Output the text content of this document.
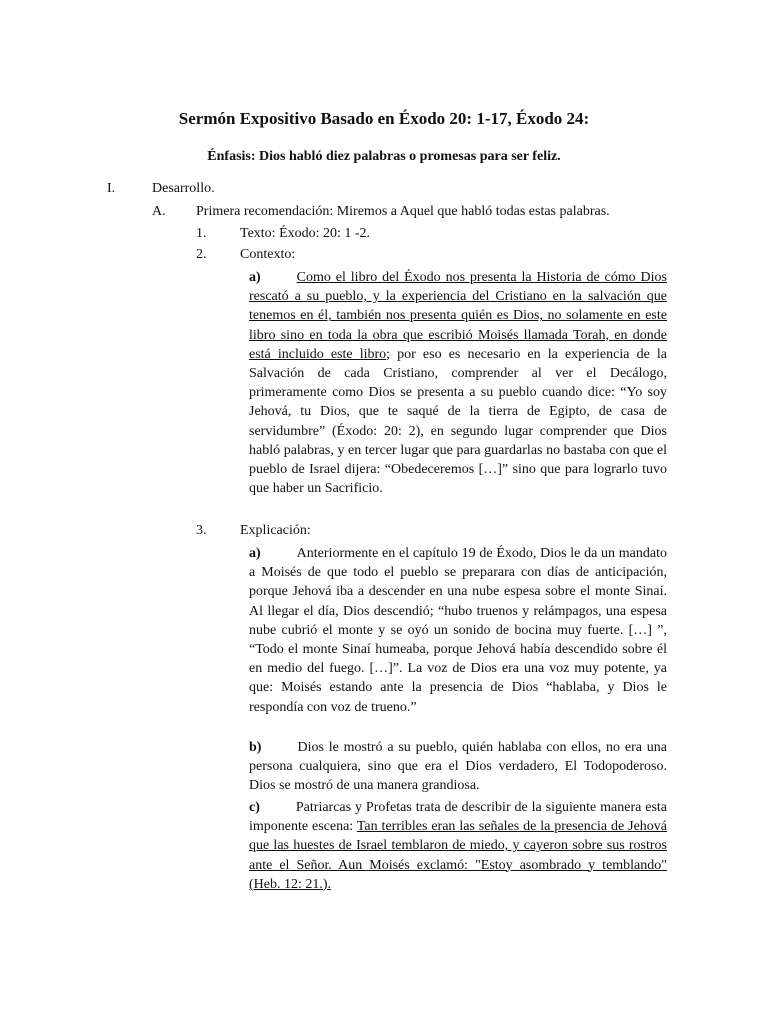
Sermón Expositivo Basado en Éxodo 20: 1-17, Éxodo 24:
Énfasis: Dios habló diez palabras o promesas para ser feliz.
I.	Desarrollo.
A. Primera recomendación: Miremos a Aquel que habló todas estas palabras.
1. Texto: Éxodo: 20: 1 -2.
2. Contexto:
a)	Como el libro del Éxodo nos presenta la Historia de cómo Dios rescató a su pueblo, y la experiencia del Cristiano en la salvación que tenemos en él, también nos presenta quién es Dios, no solamente en este libro sino en toda la obra que escribió Moisés llamada Torah, en donde está incluido este libro; por eso es necesario en la experiencia de la Salvación de cada Cristiano, comprender al ver el Decálogo, primeramente como Dios se presenta a su pueblo cuando dice: “Yo soy Jehová, tu Dios, que te saqué de la tierra de Egipto, de casa de servidumbre” (Éxodo: 20: 2), en segundo lugar comprender que Dios habló palabras, y en tercer lugar que para guardarlas no bastaba con que el pueblo de Israel dijera: “Obedeceremos […]” sino que para lograrlo tuvo que haber un Sacrificio.
3. Explicación:
a)	Anteriormente en el capítulo 19 de Éxodo, Dios le da un mandato a Moisés de que todo el pueblo se preparara con días de anticipación, porque Jehová iba a descender en una nube espesa sobre el monte Sinaí. Al llegar el día, Dios descendió; “hubo truenos y relámpagos, una espesa nube cubrió el monte y se oyó un sonido de bocina muy fuerte. […] ”, “Todo el monte Sinaí humeaba, porque Jehová había descendido sobre él en medio del fuego. […]”. La voz de Dios era una voz muy potente, ya que: Moisés estando ante la presencia de Dios “hablaba, y Dios le respondía con voz de trueno.”
b)	Dios le mostró a su pueblo, quién hablaba con ellos, no era una persona cualquiera, sino que era el Dios verdadero, El Todopoderoso. Dios se mostró de una manera grandiosa.
c)	Patriarcas y Profetas trata de describir de la siguiente manera esta imponente escena: Tan terribles eran las señales de la presencia de Jehová que las huestes de Israel temblaron de miedo, y cayeron sobre sus rostros ante el Señor. Aun Moisés exclamó: "Estoy asombrado y temblando" (Heb. 12: 21.).
